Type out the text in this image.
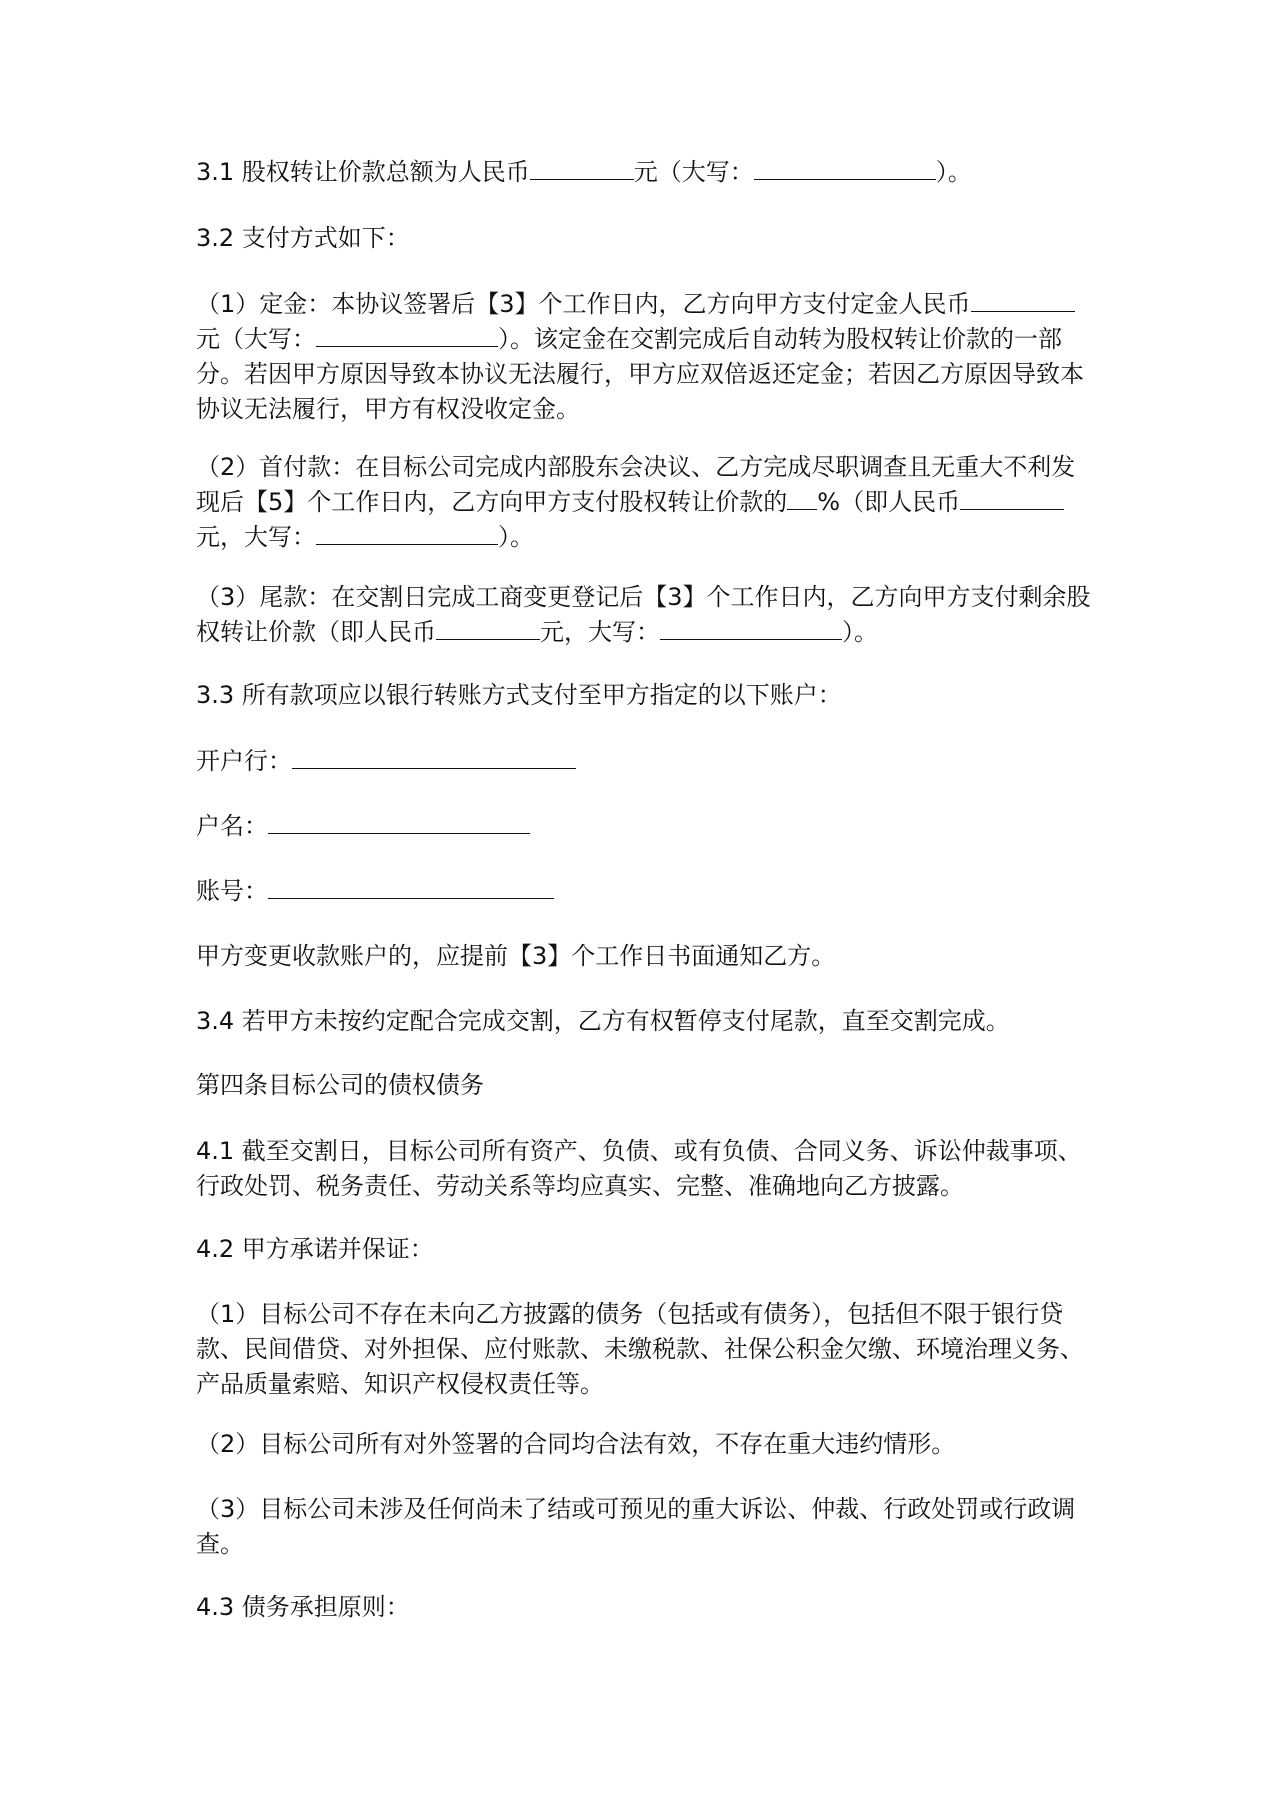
3.1 股权转让价款总额为人民币	元（大写：	）。

3.2 支付方式如下：

（1）定金：本协议签署后【3】个工作日内，乙方向甲方支付定金人民币元（大写：	）。该定金在交割完成后自动转为股权转让价款的一部分。若因甲方原因导致本协议无法履行，甲方应双倍返还定金；若因乙方原因导致本协议无法履行，甲方有权没收定金。

（2）首付款：在目标公司完成内部股东会决议、乙方完成尽职调查且无重大不利发现后【5】个工作日内，乙方向甲方支付股权转让价款的 %（即人民币元，大写：	）。

（3）尾款：在交割日完成工商变更登记后【3】个工作日内，乙方向甲方支付剩余股权转让价款（即人民币	元，大写：	）。

3.3 所有款项应以银行转账方式支付至甲方指定的以下账户：

开户行：

户名：

账号：

甲方变更收款账户的，应提前【3】个工作日书面通知乙方。

3.4 若甲方未按约定配合完成交割，乙方有权暂停支付尾款，直至交割完成。

第四条目标公司的债权债务

4.1 截至交割日，目标公司所有资产、负债、或有负债、合同义务、诉讼仲裁事项、行政处罚、税务责任、劳动关系等均应真实、完整、准确地向乙方披露。

4.2 甲方承诺并保证：

（1）目标公司不存在未向乙方披露的债务（包括或有债务），包括但不限于银行贷款、民间借贷、对外担保、应付账款、未缴税款、社保公积金欠缴、环境治理义务、产品质量索赔、知识产权侵权责任等。

（2）目标公司所有对外签署的合同均合法有效，不存在重大违约情形。

（3）目标公司未涉及任何尚未了结或可预见的重大诉讼、仲裁、行政处罚或行政调查。

4.3 债务承担原则：
